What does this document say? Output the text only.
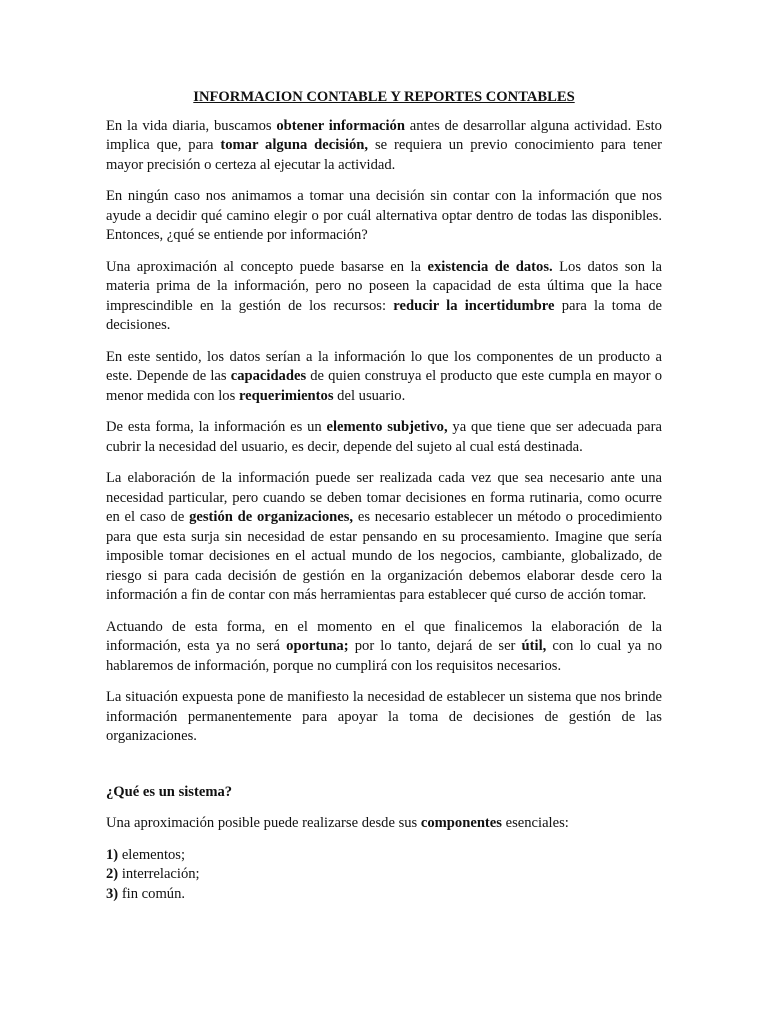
INFORMACION CONTABLE Y REPORTES CONTABLES

En la vida diaria, buscamos obtener información antes de desarrollar alguna actividad. Esto implica que, para tomar alguna decisión, se requiera un previo conocimiento para tener mayor precisión o certeza al ejecutar la actividad.

En ningún caso nos animamos a tomar una decisión sin contar con la información que nos ayude a decidir qué camino elegir o por cuál alternativa optar dentro de todas las disponibles. Entonces, ¿qué se entiende por información?

Una aproximación al concepto puede basarse en la existencia de datos. Los datos son la materia prima de la información, pero no poseen la capacidad de esta última que la hace imprescindible en la gestión de los recursos: reducir la incertidumbre para la toma de decisiones.

En este sentido, los datos serían a la información lo que los componentes de un producto a este. Depende de las capacidades de quien construya el producto que este cumpla en mayor o menor medida con los requerimientos del usuario.

De esta forma, la información es un elemento subjetivo, ya que tiene que ser adecuada para cubrir la necesidad del usuario, es decir, depende del sujeto al cual está destinada.

La elaboración de la información puede ser realizada cada vez que sea necesario ante una necesidad particular, pero cuando se deben tomar decisiones en forma rutinaria, como ocurre en el caso de gestión de organizaciones, es necesario establecer un método o procedimiento para que esta surja sin necesidad de estar pensando en su procesamiento. Imagine que sería imposible tomar decisiones en el actual mundo de los negocios, cambiante, globalizado, de riesgo si para cada decisión de gestión en la organización debemos elaborar desde cero la información a fin de contar con más herramientas para establecer qué curso de acción tomar.

Actuando de esta forma, en el momento en el que finalicemos la elaboración de la información, esta ya no será oportuna; por lo tanto, dejará de ser útil, con lo cual ya no hablaremos de información, porque no cumplirá con los requisitos necesarios.

La situación expuesta pone de manifiesto la necesidad de establecer un sistema que nos brinde información permanentemente para apoyar la toma de decisiones de gestión de las organizaciones.

¿Qué es un sistema?

Una aproximación posible puede realizarse desde sus componentes esenciales:

1) elementos;
2) interrelación;
3) fin común.
